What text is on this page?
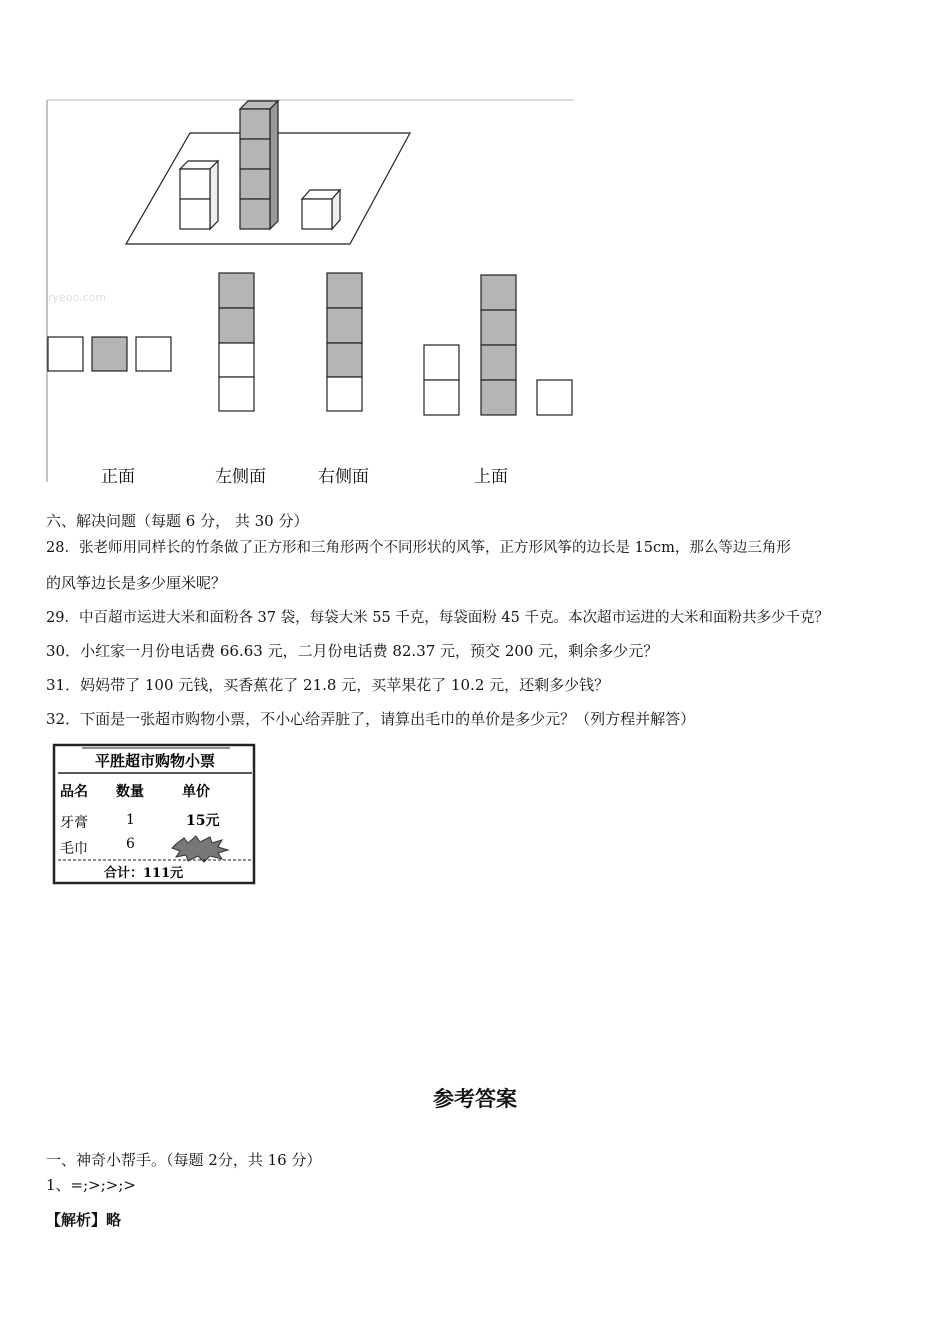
ryeoo.com
正面	左侧面	右侧面	上面
六、解决问题（每题 6 分， 共 30 分）
28．张老师用同样长的竹条做了正方形和三角形两个不同形状的风筝，正方形风筝的边长是 15cm，那么等边三角形
的风筝边长是多少厘米呢？
29．中百超市运进大米和面粉各 37 袋，每袋大米 55 千克，每袋面粉 45 千克。本次超市运进的大米和面粉共多少千克？
30．小红家一月份电话费 66.63 元，二月份电话费 82.37 元，预交 200 元，剩余多少元？
31．妈妈带了 100 元钱，买香蕉花了 21.8 元，买苹果花了 10.2 元，还剩多少钱？
32．下面是一张超市购物小票，不小心给弄脏了，请算出毛巾的单价是多少元？（列方程并解答）
平胜超市购物小票
品名 数量	单价
牙膏	1	15元
毛巾	6
合计：111元
参考答案
一、神奇小帮手。（每题 2分，共 16 分）
1、=;>;>;>
【解析】略
